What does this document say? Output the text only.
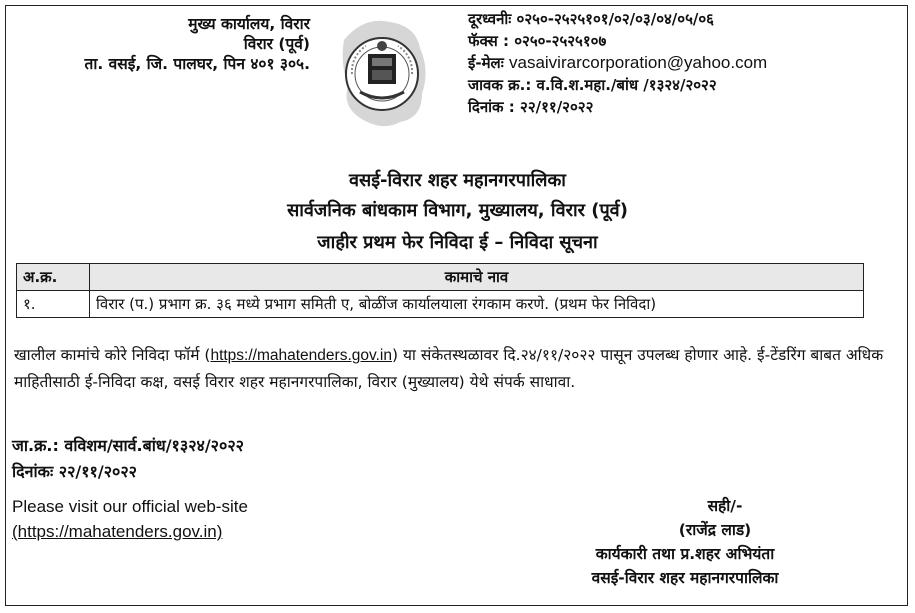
मुख्य कार्यालय, विरार
विरार (पूर्व)
ता. वसई, जि. पालघर, पिन ४०१ ३०५.
दूरध्वनीः ०२५०-२५२५१०१/०२/०३/०४/०५/०६
फॅक्स : ०२५०-२५२५१०७
ई-मेलः vasaivirarcorporation@yahoo.com
जावक क्र.: व.वि.श.महा./बांध /१३२४/२०२२
दिनांक : २२/११/२०२२
वसई-विरार शहर महानगरपालिका
सार्वजनिक बांधकाम विभाग, मुख्यालय, विरार (पूर्व)
जाहीर प्रथम फेर निविदा ई – निविदा सूचना
अ.क्र.	कामाचे नाव
१.	विरार (प.) प्रभाग क्र. ३६ मध्ये प्रभाग समिती ए, बोळींज कार्यालयाला रंगकाम करणे. (प्रथम फेर निविदा)
खालील कामांचे कोरे निविदा फॉर्म (https://mahatenders.gov.in) या संकेतस्थळावर दि.२४/११/२०२२ पासून उपलब्ध होणार आहे. ई-टेंडरिंग बाबत अधिक माहितीसाठी ई-निविदा कक्ष, वसई विरार शहर महानगरपालिका, विरार (मुख्यालय) येथे संपर्क साधावा.
जा.क्र.: वविशम/सार्व.बांध/१३२४/२०२२
दिनांकः २२/११/२०२२
Please visit our official web-site
(https://mahatenders.gov.in)
सही/-
(राजेंद्र लाड)
कार्यकारी तथा प्र.शहर अभियंता
वसई-विरार शहर महानगरपालिका
